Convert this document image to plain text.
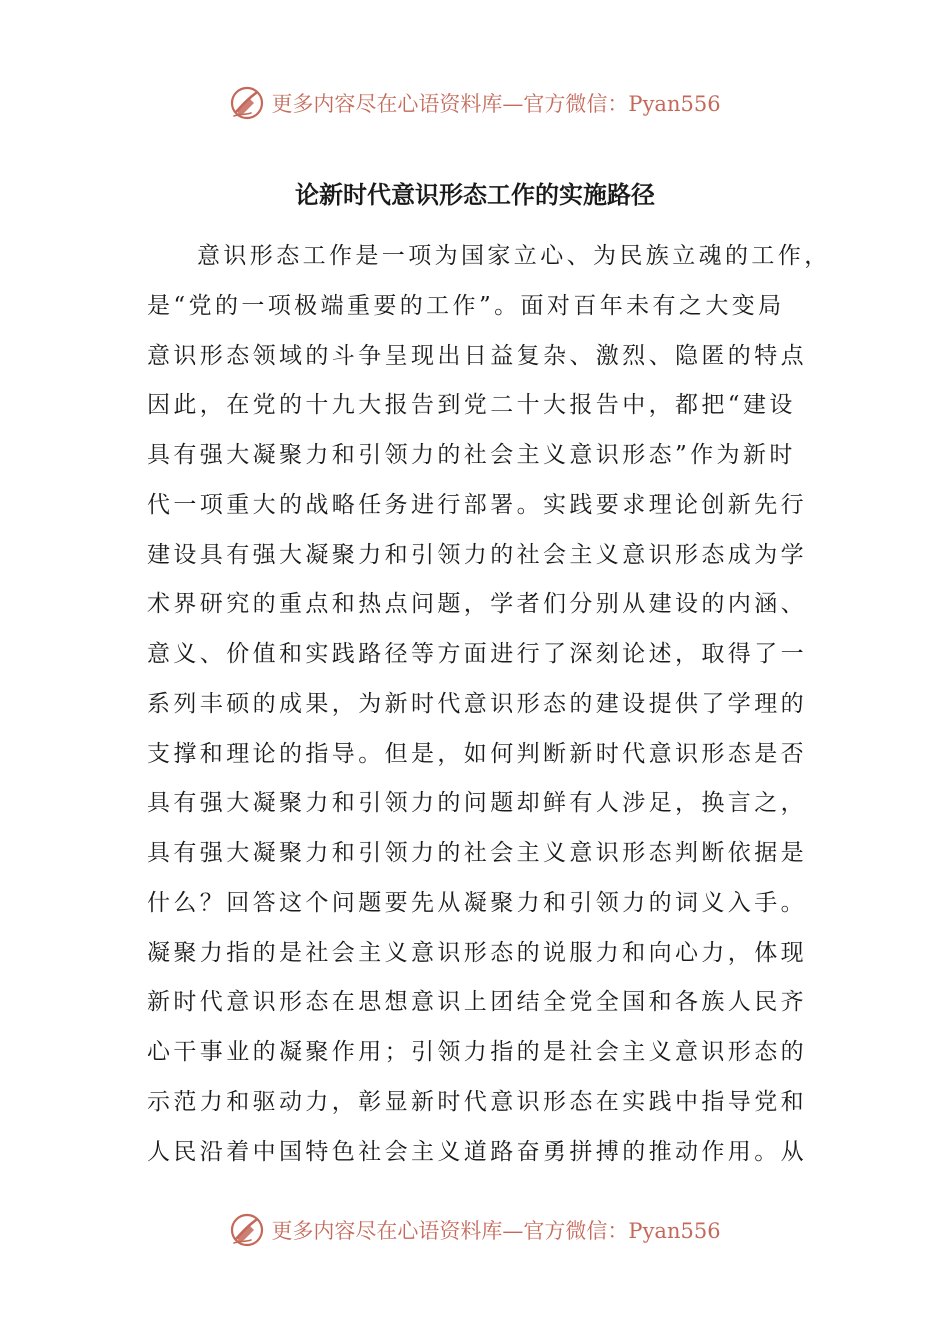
更多内容尽在心语资料库—官方微信：Pyan556
论新时代意识形态工作的实施路径
意识形态工作是一项为国家立心、为民族立魂的工作，
是“党的一项极端重要的工作”。面对百年未有之大变局
意识形态领域的斗争呈现出日益复杂、激烈、隐匿的特点
因此，在党的十九大报告到党二十大报告中，都把“建设
具有强大凝聚力和引领力的社会主义意识形态”作为新时
代一项重大的战略任务进行部署。实践要求理论创新先行
建设具有强大凝聚力和引领力的社会主义意识形态成为学
术界研究的重点和热点问题，学者们分别从建设的内涵、
意义、价值和实践路径等方面进行了深刻论述，取得了一
系列丰硕的成果，为新时代意识形态的建设提供了学理的
支撑和理论的指导。但是，如何判断新时代意识形态是否
具有强大凝聚力和引领力的问题却鲜有人涉足，换言之，
具有强大凝聚力和引领力的社会主义意识形态判断依据是
什么？回答这个问题要先从凝聚力和引领力的词义入手。
凝聚力指的是社会主义意识形态的说服力和向心力，体现
新时代意识形态在思想意识上团结全党全国和各族人民齐
心干事业的凝聚作用；引领力指的是社会主义意识形态的
示范力和驱动力，彰显新时代意识形态在实践中指导党和
人民沿着中国特色社会主义道路奋勇拼搏的推动作用。从
更多内容尽在心语资料库—官方微信：Pyan556
